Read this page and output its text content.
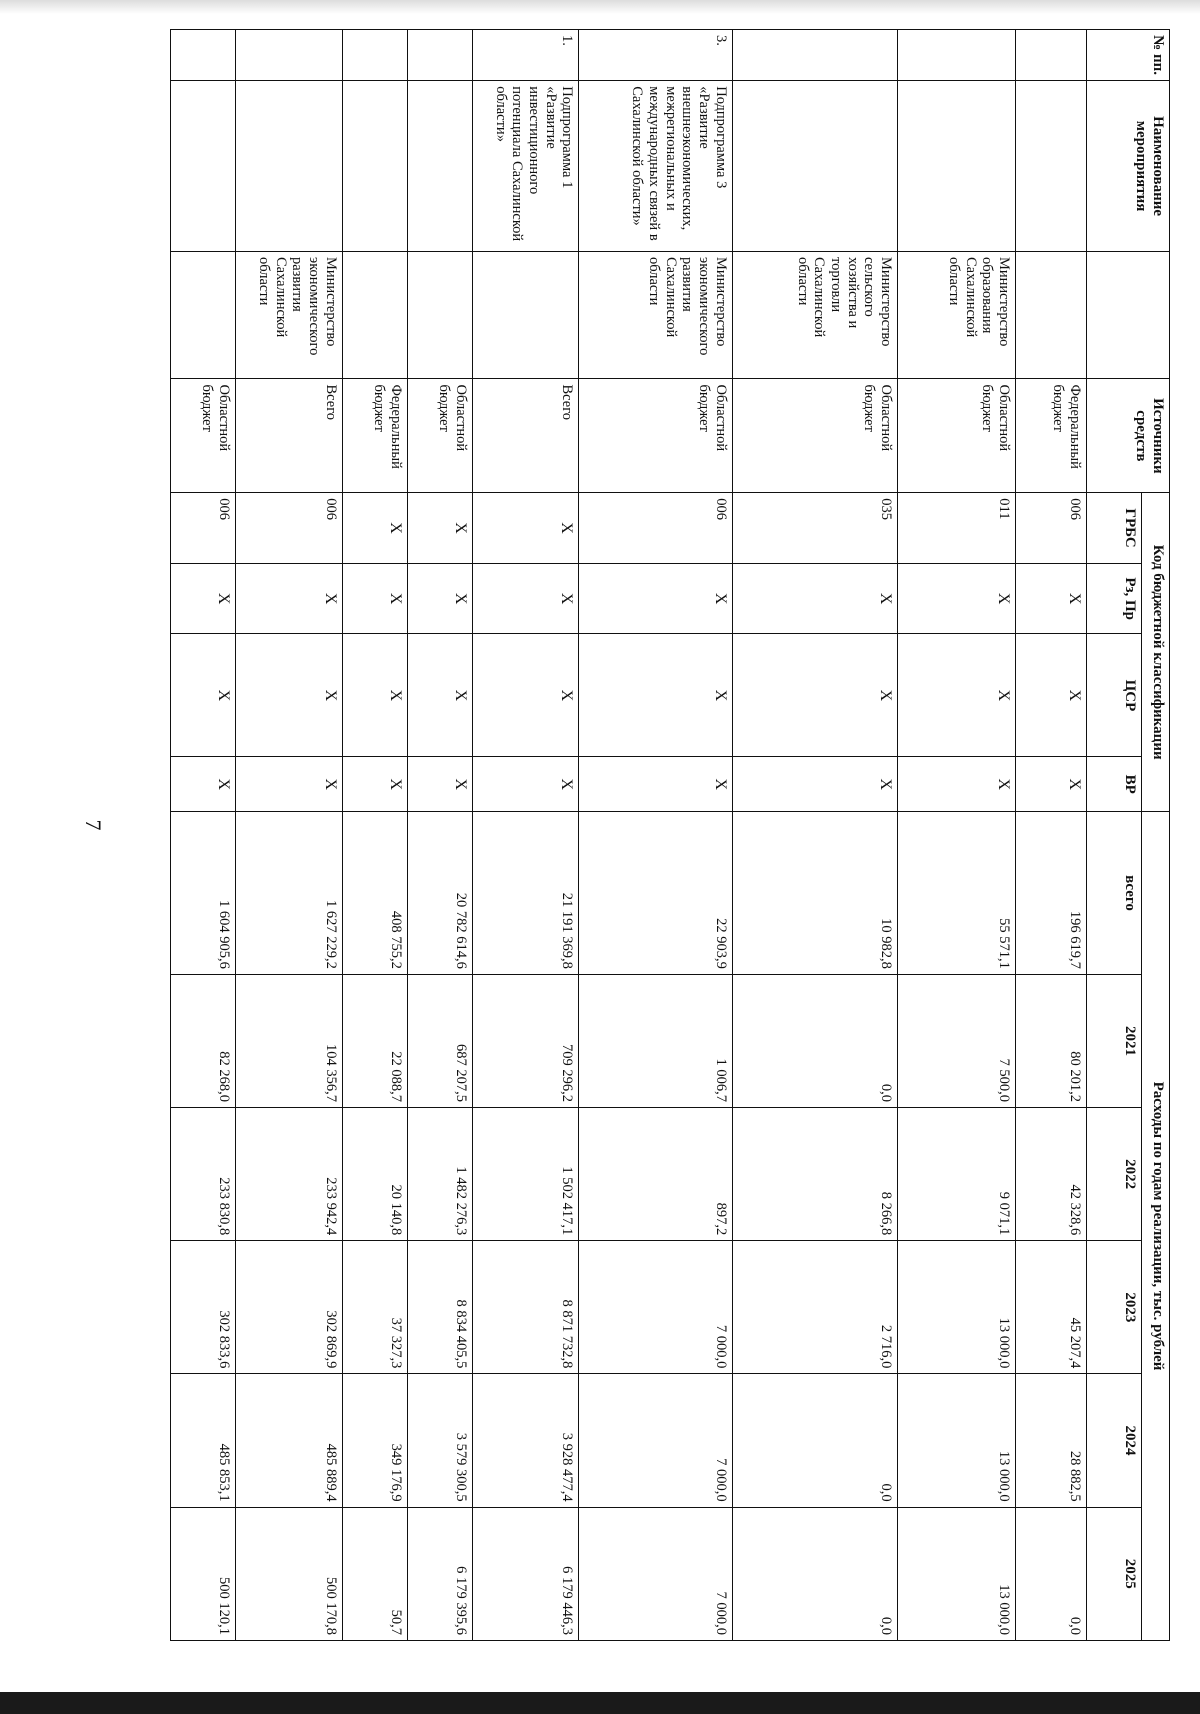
7
№ пп.	Наименование мероприятия		Источники средств	Код бюджетной классификации				Расходы по годам реализации, тыс. рублей					
				ГРБС	Рз, Пр	ЦСР	ВР	всего	2021	2022	2023	2024	2025
			Федеральный бюджет	006	X	X	X	196 619,7	80 201,2	42 328,6	45 207,4	28 882,5	0,0
		Министерство образования Сахалинской области	Областной бюджет	011	X	X	X	55 571,1	7 500,0	9 071,1	13 000,0	13 000,0	13 000,0
		Министерство сельского хозяйства и торговли Сахалинской области	Областной бюджет	035	X	X	X	10 982,8	0,0	8 266,8	2 716,0	0,0	0,0
3.	Подпрограмма 3 «Развитие внешнеэкономических, межрегиональных и международных связей в Сахалинской области»	Министерство экономического развития Сахалинской области	Областной бюджет	006	X	X	X	22 903,9	1 006,7	897,2	7 000,0	7 000,0	7 000,0
1.	Подпрограмма 1 «Развитие инвестиционного потенциала Сахалинской области»		Всего	X	X	X	X	21 191 369,8	709 296,2	1 502 417,1	8 871 732,8	3 928 477,4	6 179 446,3
			Областной бюджет	X	X	X	X	20 782 614,6	687 207,5	1 482 276,3	8 834 405,5	3 579 300,5	6 179 395,6
			Федеральный бюджет	X	X	X	X	408 755,2	22 088,7	20 140,8	37 327,3	349 176,9	50,7
		Министерство экономического развития Сахалинской области	Всего	006	X	X	X	1 627 229,2	104 356,7	233 942,4	302 869,9	485 889,4	500 170,8
			Областной бюджет	006	X	X	X	1 604 905,6	82 268,0	233 830,8	302 833,6	485 853,1	500 120,1
